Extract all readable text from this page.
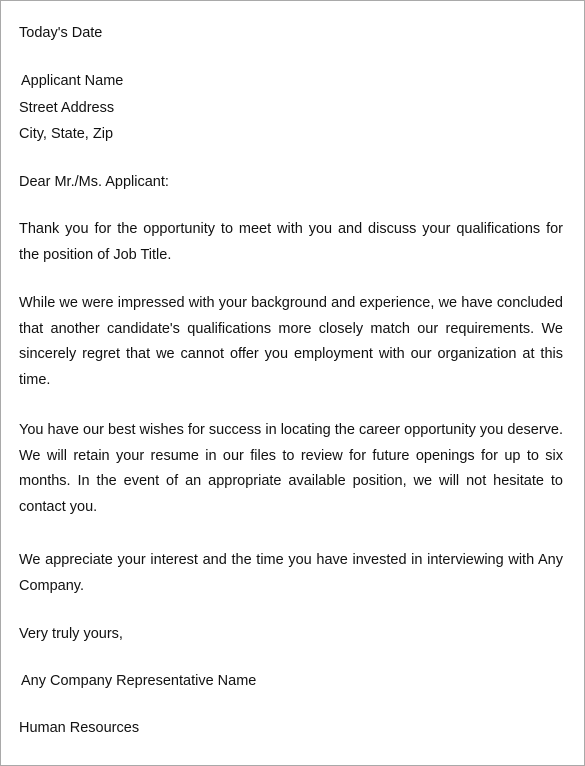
Today's Date
Applicant Name
Street Address
City, State, Zip
Dear Mr./Ms. Applicant:
Thank you for the opportunity to meet with you and discuss your qualifications for the position of Job Title.
While we were impressed with your background and experience, we have concluded that another candidate's qualifications more closely match our requirements. We sincerely regret that we cannot offer you employment with our organization at this time.
You have our best wishes for success in locating the career opportunity you deserve. We will retain your resume in our files to review for future openings for up to six months. In the event of an appropriate available position, we will not hesitate to contact you.
We appreciate your interest and the time you have invested in interviewing with Any Company.
Very truly yours,
Any Company Representative Name
Human Resources
